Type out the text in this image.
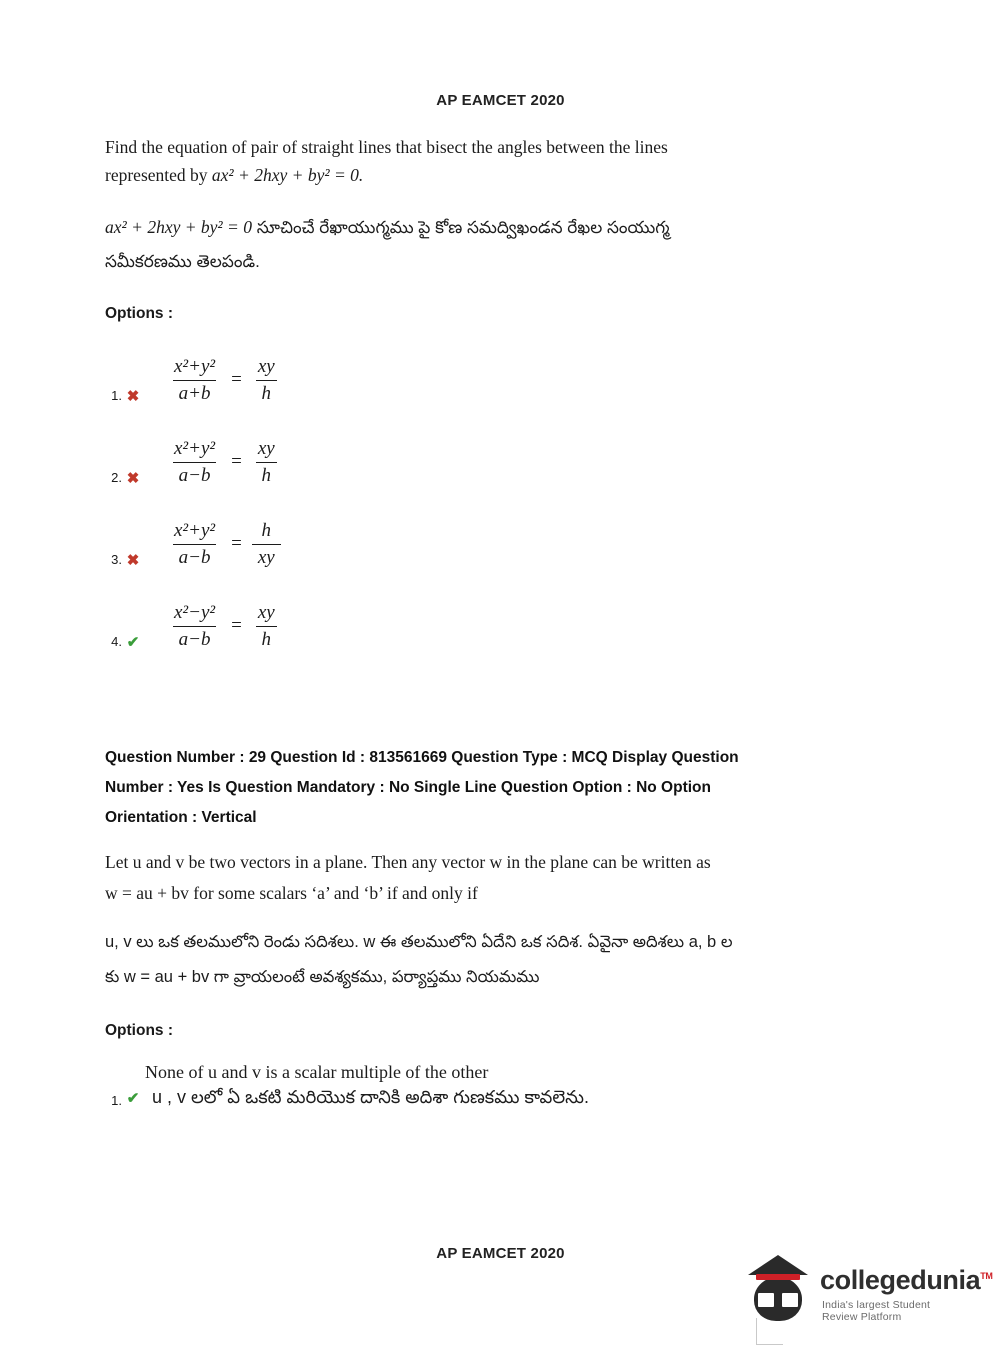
AP EAMCET 2020
Find the equation of pair of straight lines that bisect the angles between the lines
represented by ax² + 2hxy + by² = 0.
ax² + 2hxy + by² = 0 సూచించే రేఖాయుగ్మము పై కోణ సమద్విఖండన రేఖల సంయుగ్మ
సమీకరణము తెలపండి.
Options :
1. ✖ $\frac{\text{x²+y²}}{a+b} = \frac{xy}{h}$
2. ✖ $\frac{\text{x²+y²}}{a-b} = \frac{xy}{h}$
3. ✖ $\frac{\text{x²+y²}}{a-b} = \frac{h}{xy}$
4. ✔ $\frac{\text{x²−y²}}{a-b} = \frac{xy}{h}$
Question Number : 29 Question Id : 813561669 Question Type : MCQ Display Question
Number : Yes Is Question Mandatory : No Single Line Question Option : No Option
Orientation : Vertical
Let u and v be two vectors in a plane. Then any vector w in the plane can be written as
w = au + bv for some scalars ‘a’ and ‘b’ if and only if
u, v లు ఒక తలములోని రెండు సదిశలు. w ఈ తలములోని ఏదేని ఒక సదిశ. ఏవైనా అదిశలు a, b ల
కు w = au + bv గా వ్రాయలంటే అవశ్యకము, పర్యాప్తము నియమము
Options :
None of u and v is a scalar multiple of the other
1. ✔ u , v లలో ఏ ఒకటి మరియొక దానికి అదిశా గుణకము కావలెను.
AP EAMCET 2020
collegedunia™
India's largest Student Review Platform
